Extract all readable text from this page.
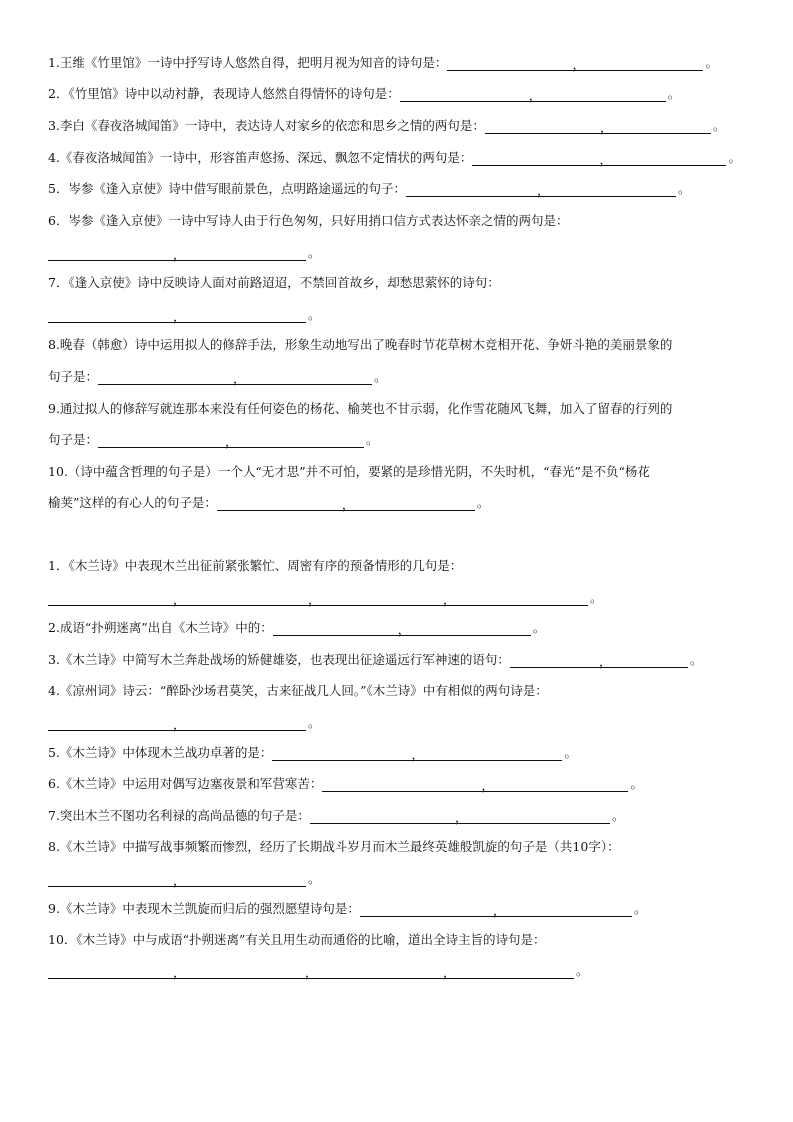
1.王维《竹里馆》一诗中抒写诗人悠然自得，把明月视为知音的诗句是：	，	。
2．《竹里馆》诗中以动衬静，表现诗人悠然自得情怀的诗句是：	，	。
3.李白《春夜洛城闻笛》一诗中，表达诗人对家乡的依恋和思乡之情的两句是：	，	。
4.《春夜洛城闻笛》一诗中，形容笛声悠扬、深远、飘忽不定情状的两句是：	，	。
5．岑参《逢入京使》诗中借写眼前景色，点明路途遥远的句子：	，	。
6．岑参《逢入京使》一诗中写诗人由于行色匆匆，只好用捎口信方式表达怀亲之情的两句是：
，	。
7．《逢入京使》诗中反映诗人面对前路迢迢，不禁回首故乡，却愁思萦怀的诗句：
，	。
8.晚春（韩愈）诗中运用拟人的修辞手法，形象生动地写出了晚春时节花草树木竞相开花、争妍斗艳的美丽景象的
句子是：	，	。
9.通过拟人的修辞写就连那本来没有任何姿色的杨花、榆荚也不甘示弱，化作雪花随风飞舞，加入了留春的行列的
句子是：	，	。
10.（诗中蕴含哲理的句子是）一个人“无才思”并不可怕，要紧的是珍惜光阴，不失时机，“春光”是不负“杨花
榆荚”这样的有心人的句子是：	，	。
1．《木兰诗》中表现木兰出征前紧张繁忙、周密有序的预备情形的几句是：
，	，	，	。
2.成语“扑朔迷离”出自《木兰诗》中的：	，	。
3.《木兰诗》中简写木兰奔赴战场的矫健雄姿，也表现出征途遥远行军神速的语句：	，	。
4.《凉州词》诗云：“醉卧沙场君莫笑，古来征战几人回。”《木兰诗》中有相似的两句诗是：
，	。
5.《木兰诗》中体现木兰战功卓著的是：	，	。
6.《木兰诗》中运用对偶写边塞夜景和军营寒苦：	，	。
7.突出木兰不图功名利禄的高尚品德的句子是：	，	。
8.《木兰诗》中描写战事频繁而惨烈，经历了长期战斗岁月而木兰最终英雄般凯旋的句子是（共10字）：
，	。
9.《木兰诗》中表现木兰凯旋而归后的强烈愿望诗句是：	，	。
10．《木兰诗》中与成语“扑朔迷离”有关且用生动而通俗的比喻，道出全诗主旨的诗句是：
，	，	，	。
